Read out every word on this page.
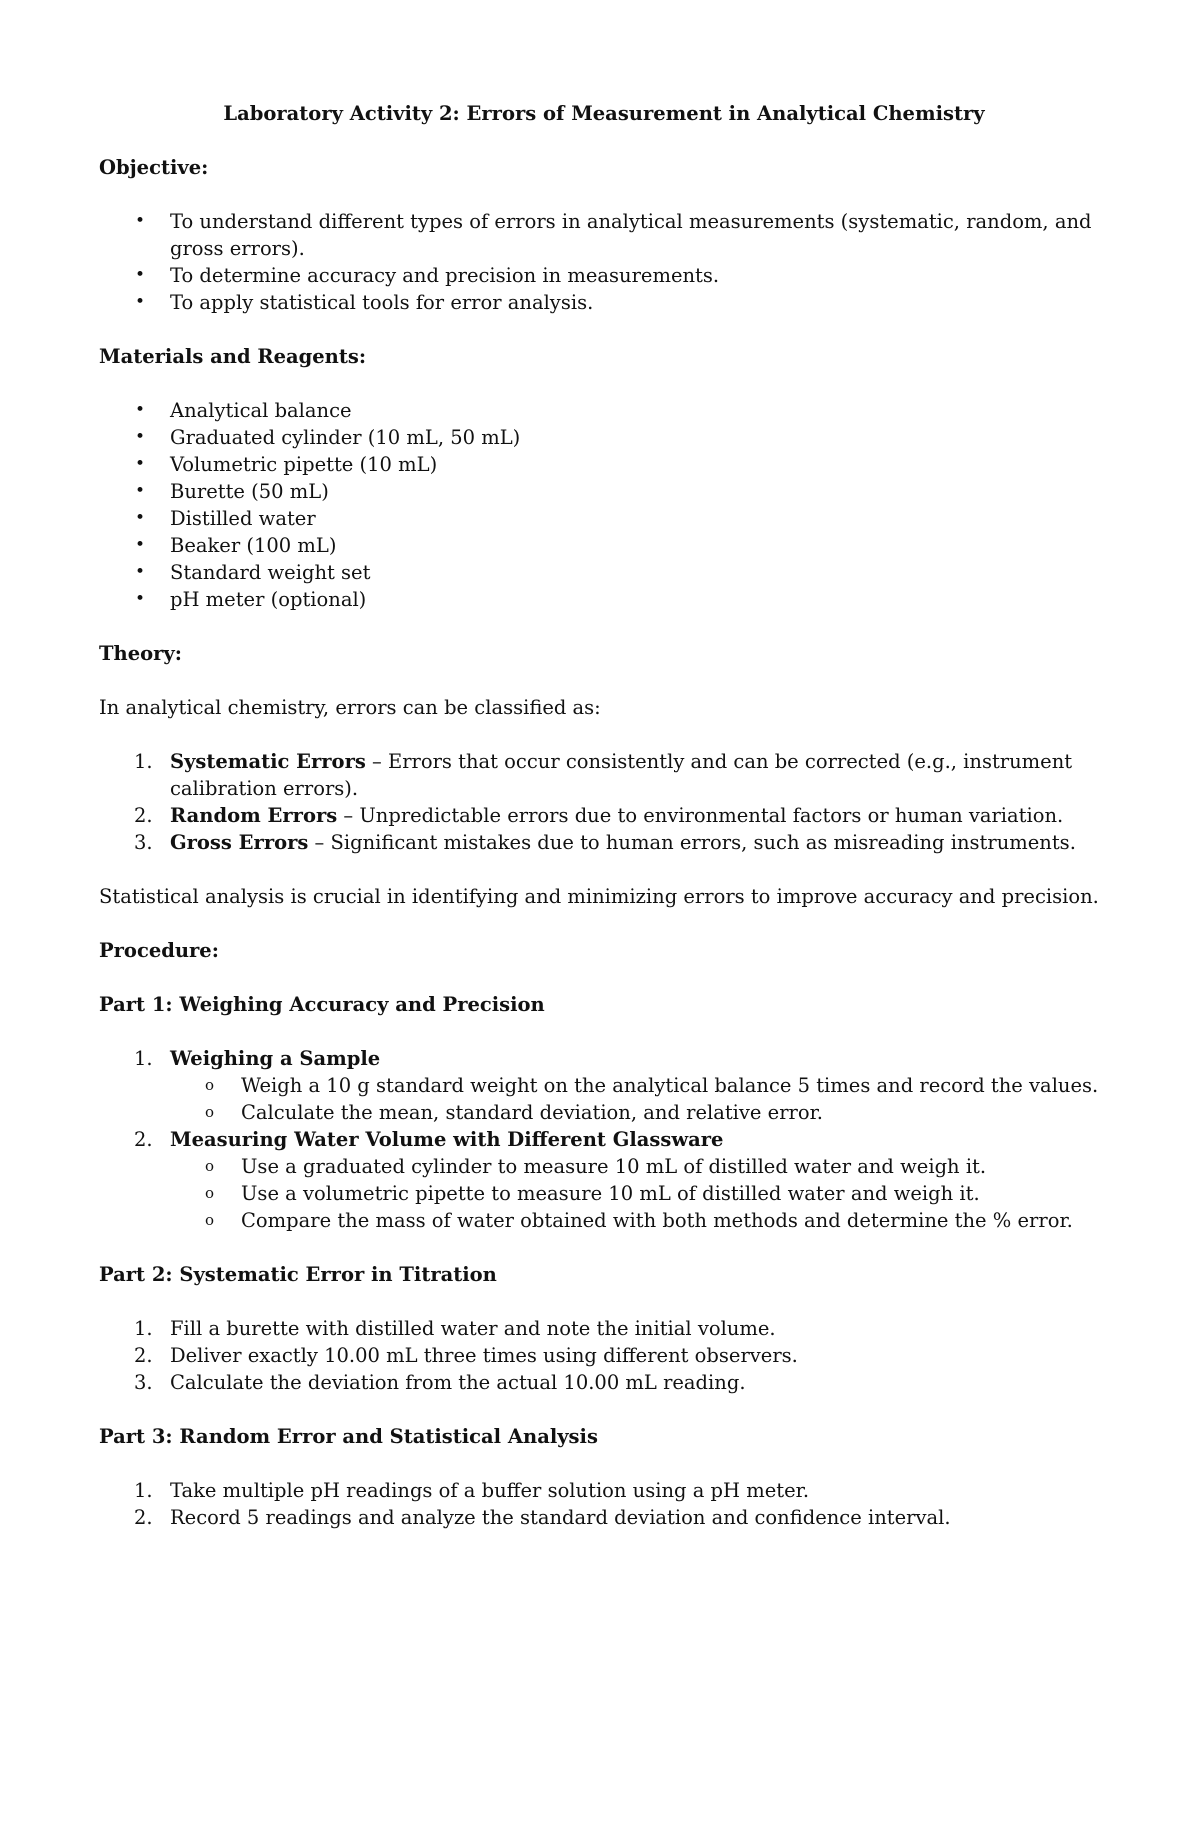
Laboratory Activity 2: Errors of Measurement in Analytical Chemistry
Objective:
• To understand different types of errors in analytical measurements (systematic, random, and gross errors).
• To determine accuracy and precision in measurements.
• To apply statistical tools for error analysis.
Materials and Reagents:
• Analytical balance
• Graduated cylinder (10 mL, 50 mL)
• Volumetric pipette (10 mL)
• Burette (50 mL)
• Distilled water
• Beaker (100 mL)
• Standard weight set
• pH meter (optional)
Theory:

In analytical chemistry, errors can be classified as:

1. Systematic Errors – Errors that occur consistently and can be corrected (e.g., instrument calibration errors).
2. Random Errors – Unpredictable errors due to environmental factors or human variation.
3. Gross Errors – Significant mistakes due to human errors, such as misreading instruments.

Statistical analysis is crucial in identifying and minimizing errors to improve accuracy and precision.

Procedure:
Part 1: Weighing Accuracy and Precision
1. Weighing a Sample
o Weigh a 10 g standard weight on the analytical balance 5 times and record the values.
o Calculate the mean, standard deviation, and relative error.
2. Measuring Water Volume with Different Glassware
o Use a graduated cylinder to measure 10 mL of distilled water and weigh it.
o Use a volumetric pipette to measure 10 mL of distilled water and weigh it.
o Compare the mass of water obtained with both methods and determine the % error.
Part 2: Systematic Error in Titration
1. Fill a burette with distilled water and note the initial volume.
2. Deliver exactly 10.00 mL three times using different observers.
3. Calculate the deviation from the actual 10.00 mL reading.
Part 3: Random Error and Statistical Analysis
1. Take multiple pH readings of a buffer solution using a pH meter.
2. Record 5 readings and analyze the standard deviation and confidence interval.
